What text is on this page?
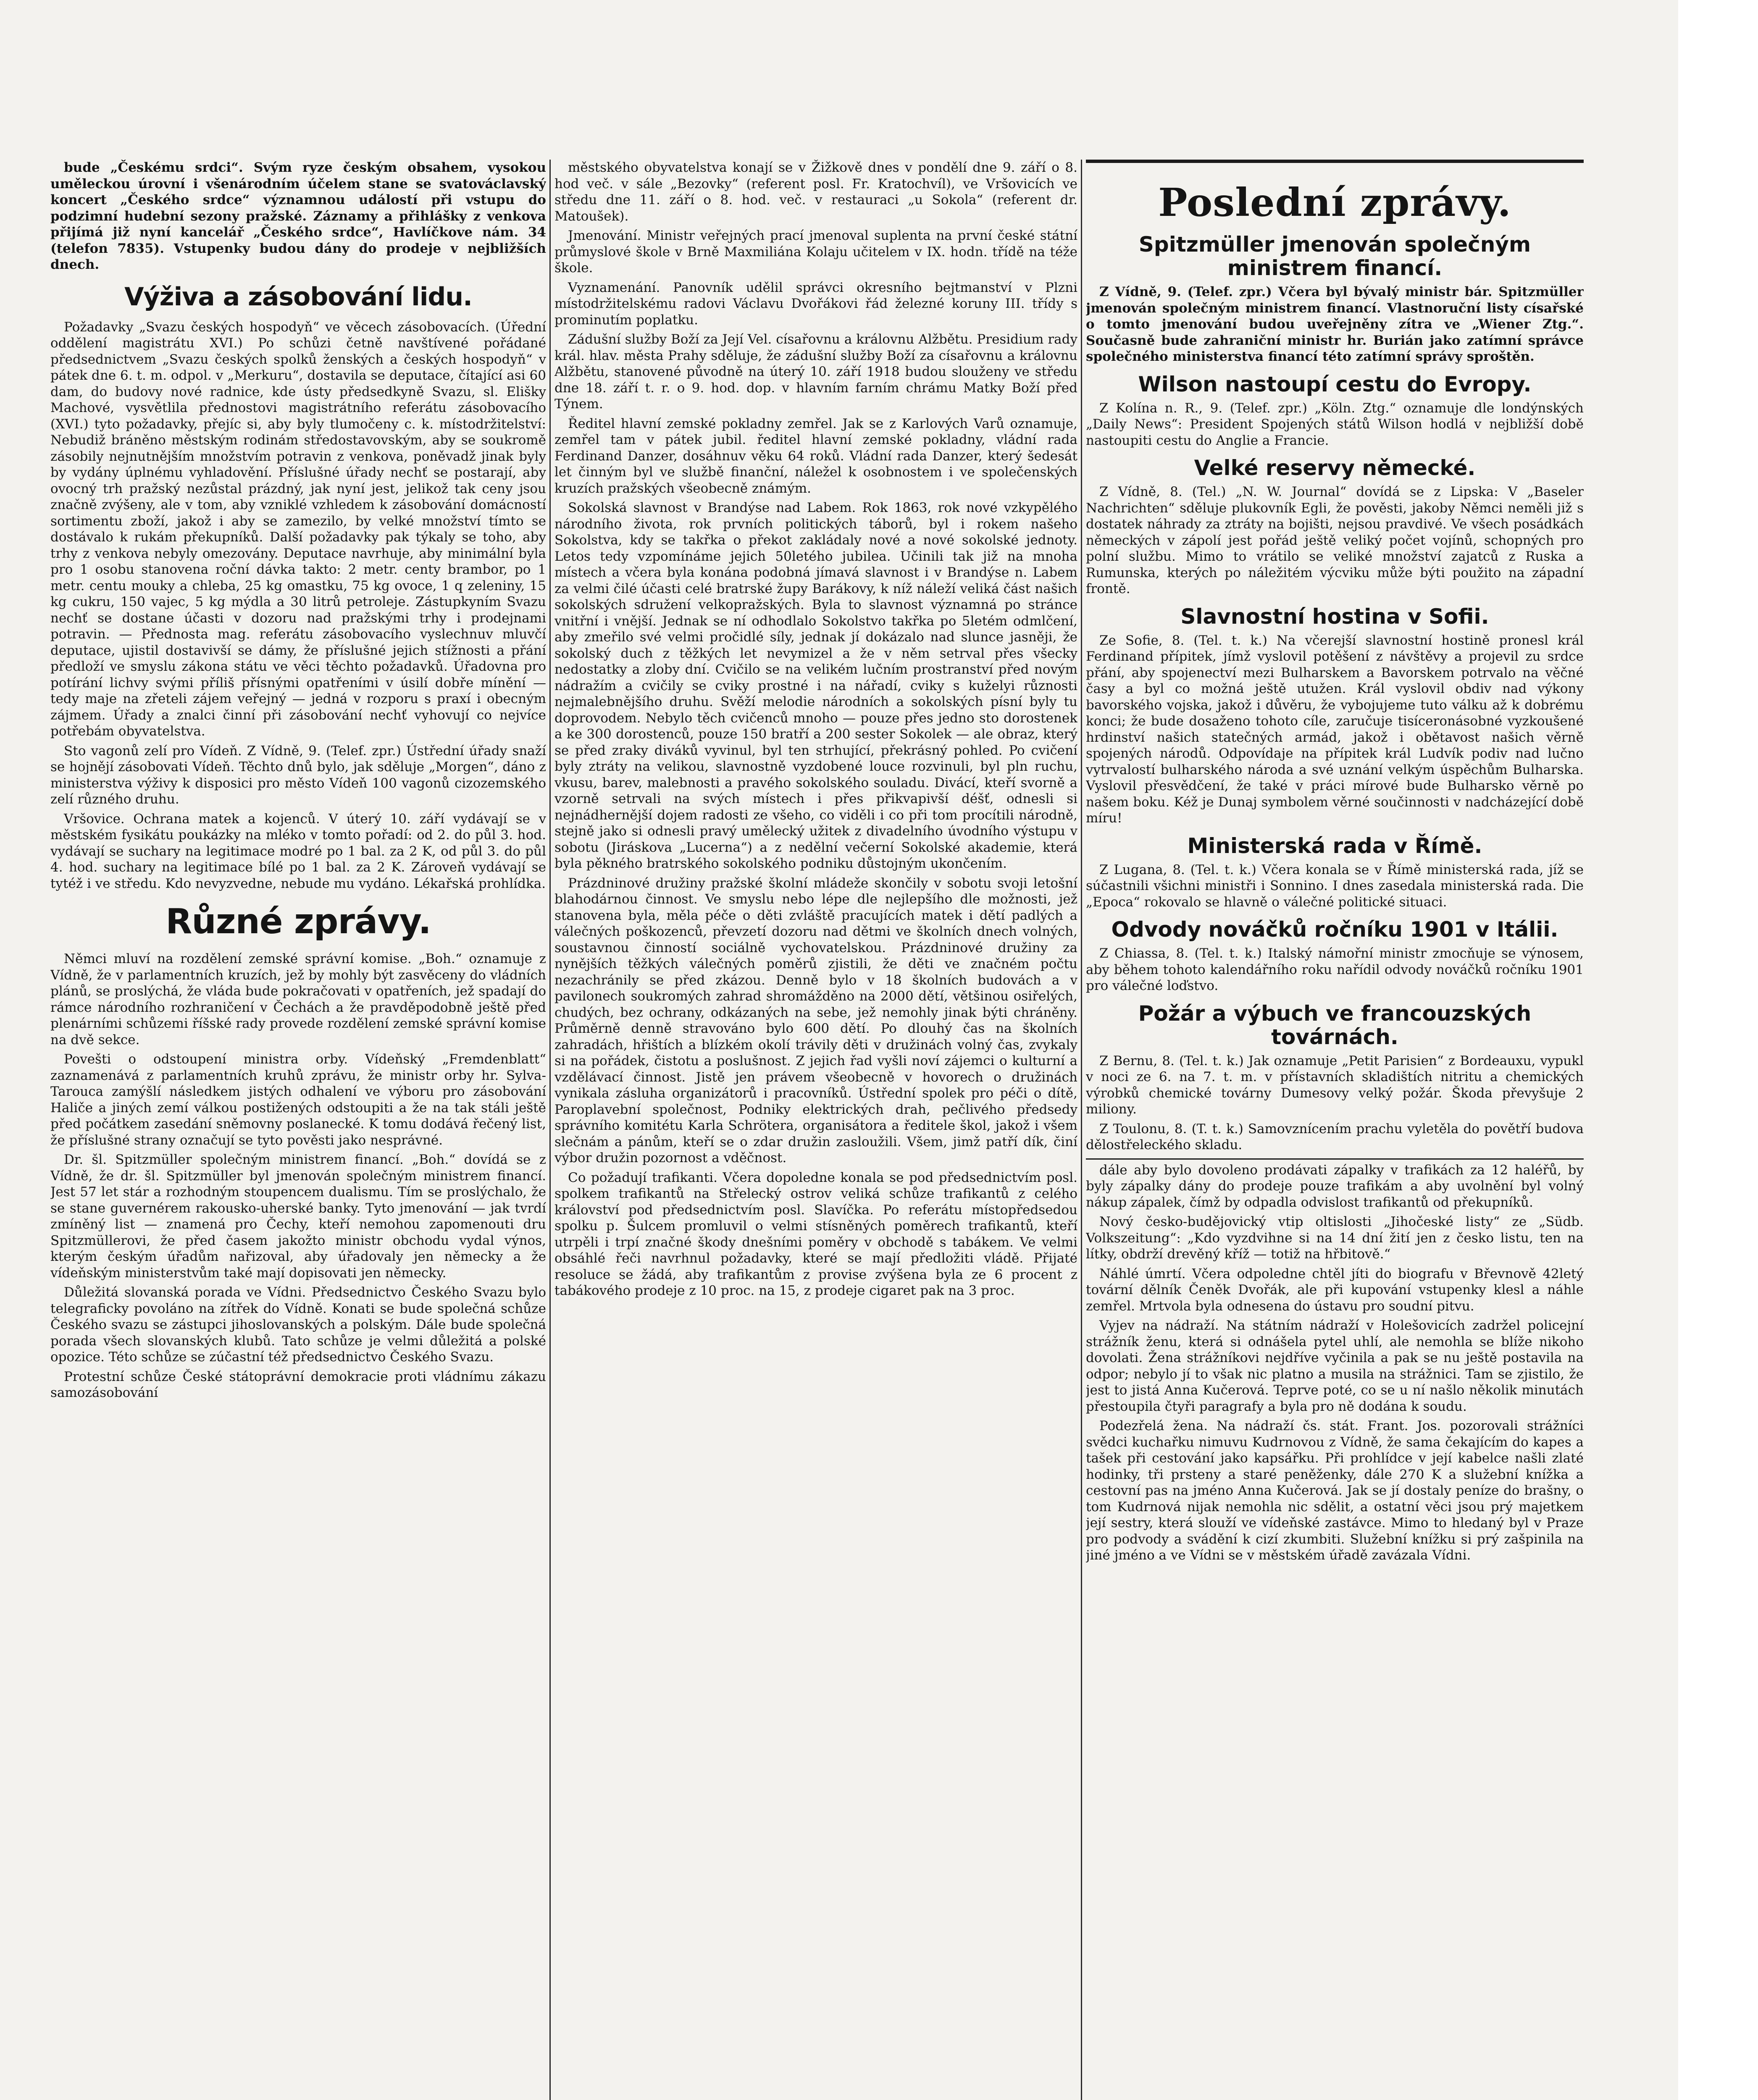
bude „Českému srdci“. Svým ryze českým obsahem, vysokou uměleckou úrovní i všenárodním účelem stane se svatováclavský koncert „Českého srdce“ významnou událostí při vstupu do podzimní hudební sezony pražské. Záznamy a přihlášky z venkova přijímá již nyní kancelář „Českého srdce“, Havlíčkove nám. 34 (telefon 7835). Vstupenky budou dány do prodeje v nejbližších dnech.

Výživa a zásobování lidu.

Požadavky „Svazu českých hospodyň“ ve věcech zásobovacích. (Úřední oddělení magistrátu XVI.) Po schůzi četně navštívené pořádané předsednictvem „Svazu českých spolků ženských a českých hospodyň“ v pátek dne 6. t. m. odpol. v „Merkuru“, dostavila se deputace, čítající asi 60 dam, do budovy nové radnice, kde ústy předsedkyně Svazu, sl. Elišky Machové, vysvětlila přednostovi magistrátního referátu zásobovacího (XVI.) tyto požadavky, přejíc si, aby byly tlumočeny c. k. místodržitelství: Nebudiž bráněno městským rodinám středostavovským, aby se soukromě zásobily nejnutnějším množstvím potravin z venkova, poněvadž jinak byly by vydány úplnému vyhladovění. Příslušné úřady nechť se postarají, aby ovocný trh pražský nezůstal prázdný, jak nyní jest, jelikož tak ceny jsou značně zvýšeny, ale v tom, aby vzniklé vzhledem k zásobování domácností sortimentu zboží, jakož i aby se zamezilo, by velké množství tímto se dostávalo k rukám překupníků. Další požadavky pak týkaly se toho, aby trhy z venkova nebyly omezovány. Deputace navrhuje, aby minimální byla pro 1 osobu stanovena roční dávka takto: 2 metr. centy brambor, po 1 metr. centu mouky a chleba, 25 kg omastku, 75 kg ovoce, 1 q zeleniny, 15 kg cukru, 150 vajec, 5 kg mýdla a 30 litrů petroleje. Zástupkyním Svazu nechť se dostane účasti v dozoru nad pražskými trhy i prodejnami potravin. — Přednosta mag. referátu zásobovacího vyslechnuv mluvčí deputace, ujistil dostavivší se dámy, že příslušné jejich stížnosti a přání předloží ve smyslu zákona státu ve věci těchto požadavků. Úřadovna pro potírání lichvy svými příliš přísnými opatřeními v úsilí dobře mínění — tedy maje na zřeteli zájem veřejný — jedná v rozporu s praxí i obecným zájmem. Úřady a znalci činní při zásobování nechť vyhovují co nejvíce potřebám obyvatelstva.

Sto vagonů zelí pro Vídeň. Z Vídně, 9. (Telef. zpr.) Ústřední úřady snaží se hojnějí zásobovati Vídeň. Těchto dnů bylo, jak sděluje „Morgen“, dáno z ministerstva výživy k disposici pro město Vídeň 100 vagonů cizozemského zelí různého druhu.

Vršovice. Ochrana matek a kojenců. V úterý 10. září vydávají se v městském fysikátu poukázky na mléko v tomto pořadí: od 2. do půl 3. hod. vydávají se suchary na legitimace modré po 1 bal. za 2 K, od půl 3. do půl 4. hod. suchary na legitimace bílé po 1 bal. za 2 K. Zároveň vydávají se tytéž i ve středu. Kdo nevyzvedne, nebude mu vydáno. Lékařská prohlídka.

Různé zprávy.

Němci mluví na rozdělení zemské správní komise. „Boh.“ oznamuje z Vídně, že v parlamentních kruzích, jež by mohly být zasvěceny do vládních plánů, se proslýchá, že vláda bude pokračovati v opatřeních, jež spadají do rámce národního rozhraničení v Čechách a že pravděpodobně ještě před plenárními schůzemi říšské rady provede rozdělení zemské správní komise na dvě sekce.

Povešti o odstoupení ministra orby. Vídeňský „Fremdenblatt“ zaznamenává z parlamentních kruhů zprávu, že ministr orby hr. Sylva-Tarouca zamýšlí následkem jistých odhalení ve výboru pro zásobování Haliče a jiných zemí válkou postižených odstoupiti a že na tak stáli ještě před počátkem zasedání sněmovny poslanecké. K tomu dodává řečený list, že příslušné strany označují se tyto pověsti jako nesprávné.

Dr. šl. Spitzmüller společným ministrem financí. „Boh.“ dovídá se z Vídně, že dr. šl. Spitzmüller byl jmenován společným ministrem financí. Jest 57 let stár a rozhodným stoupencem dualismu. Tím se proslýchalo, že se stane guvernérem rakousko-uherské banky. Tyto jmenování — jak tvrdí zmíněný list — znamená pro Čechy, kteří nemohou zapomenouti dru Spitzmüllerovi, že před časem jakožto ministr obchodu vydal výnos, kterým českým úřadům nařizoval, aby úřadovaly jen německy a že vídeňským ministerstvům také mají dopisovati jen německy.

Důležitá slovanská porada ve Vídni. Předsednictvo Českého Svazu bylo telegraficky povoláno na zítřek do Vídně. Konati se bude společná schůze Českého svazu se zástupci jihoslovanských a polským. Dále bude společná porada všech slovanských klubů. Tato schůze je velmi důležitá a polské opozice. Této schůze se zúčastní též předsednictvo Českého Svazu.

Protestní schůze České státoprávní demokracie proti vládnímu zákazu samozásobování

městského obyvatelstva konají se v Žižkově dnes v pondělí dne 9. září o 8. hod več. v sále „Bezovky“ (referent posl. Fr. Kratochvíl), ve Vršovicích ve středu dne 11. září o 8. hod. več. v restauraci „u Sokola“ (referent dr. Matoušek).

Jmenování. Ministr veřejných prací jmenoval suplenta na první české státní průmyslové škole v Brně Maxmiliána Kolaju učitelem v IX. hodn. třídě na téže škole.

Vyznamenání. Panovník udělil správci okresního bejtmanství v Plzni místodržitelskému radovi Václavu Dvořákovi řád železné koruny III. třídy s prominutím poplatku.

Zádušní služby Boží za Její Vel. císařovnu a královnu Alžbětu. Presidium rady král. hlav. města Prahy sděluje, že zádušní služby Boží za císařovnu a královnu Alžbětu, stanovené původně na úterý 10. září 1918 budou slouženy ve středu dne 18. září t. r. o 9. hod. dop. v hlavním farním chrámu Matky Boží před Týnem.

Ředitel hlavní zemské pokladny zemřel. Jak se z Karlových Varů oznamuje, zemřel tam v pátek jubil. ředitel hlavní zemské pokladny, vládní rada Ferdinand Danzer, dosáhnuv věku 64 roků. Vládní rada Danzer, který šedesát let činným byl ve službě finanční, náležel k osobnostem i ve společenských kruzích pražských všeobecně známým.

Sokolská slavnost v Brandýse nad Labem. Rok 1863, rok nové vzkypělého národního života, rok prvních politických táborů, byl i rokem našeho Sokolstva, kdy se takřka o překot zakládaly nové a nové sokolské jednoty. Letos tedy vzpomínáme jejich 50letého jubilea. Učinili tak již na mnoha místech a včera byla konána podobná jímavá slavnost i v Brandýse n. Labem za velmi čilé účasti celé bratrské župy Barákovy, k níž náleží veliká část našich sokolských sdružení velkopražských. Byla to slavnost významná po stránce vnitřní i vnější. Jednak se ní odhodlalo Sokolstvo takřka po 5letém odmlčení, aby zmeřilo své velmi pročidlé síly, jednak jí dokázalo nad slunce jasněji, že sokolský duch z těžkých let nevymizel a že v něm setrval přes všecky nedostatky a zloby dní. Cvičilo se na velikém lučním prostranství před novým nádražím a cvičily se cviky prostné i na nářadí, cviky s kuželyi různosti nejmalebnějšího druhu. Svěží melodie národních a sokolských písní byly tu doprovodem. Nebylo těch cvičenců mnoho — pouze přes jedno sto dorostenek a ke 300 dorostenců, pouze 150 bratří a 200 sester Sokolek — ale obraz, který se před zraky diváků vyvinul, byl ten strhující, překrásný pohled. Po cvičení byly ztráty na velikou, slavnostně vyzdobené louce rozvinuli, byl pln ruchu, vkusu, barev, malebnosti a pravého sokolského souladu. Divácí, kteří svorně a vzorně setrvali na svých místech i přes přikvapivší déšť, odnesli si nejnádhernější dojem radosti ze všeho, co viděli i co při tom procítili národně, stejně jako si odnesli pravý umělecký užitek z divadelního úvodního výstupu v sobotu (Jiráskova „Lucerna“) a z nedělní večerní Sokolské akademie, která byla pěkného bratrského sokolského podniku důstojným ukončením.

Prázdninové družiny pražské školní mládeže skončily v sobotu svoji letošní blahodárnou činnost. Ve smyslu nebo lépe dle nejlepšího dle možnosti, jež stanovena byla, měla péče o děti zvláště pracujících matek i dětí padlých a válečných poškozenců, převzetí dozoru nad dětmi ve školních dnech volných, soustavnou činností sociálně vychovatelskou. Prázdninové družiny za nynějších těžkých válečných poměrů zjistili, že děti ve značném počtu nezachránily se před zkázou. Denně bylo v 18 školních budovách a v pavilonech soukromých zahrad shromážděno na 2000 dětí, většinou osiřelých, chudých, bez ochrany, odkázaných na sebe, jež nemohly jinak býti chráněny. Průměrně denně stravováno bylo 600 dětí. Po dlouhý čas na školních zahradách, hřištích a blízkém okolí trávily děti v družinách volný čas, zvykaly si na pořádek, čistotu a poslušnost. Z jejich řad vyšli noví zájemci o kulturní a vzdělávací činnost. Jistě jen právem všeobecně v hovorech o družinách vynikala zásluha organizátorů i pracovníků. Ústřední spolek pro péči o dítě, Paroplavební společnost, Podniky elektrických drah, pečlivého předsedy správního komitétu Karla Schrötera, organisátora a ředitele škol, jakož i všem slečnám a pánům, kteří se o zdar družin zasloužili. Všem, jimž patří dík, činí výbor družin pozornost a vděčnost.

Co požadují trafikanti. Včera dopoledne konala se pod předsednictvím posl. spolkem trafikantů na Střelecký ostrov veliká schůze trafikantů z celého království pod předsednictvím posl. Slavíčka. Po referátu místopředsedou spolku p. Šulcem promluvil o velmi stísněných poměrech trafikantů, kteří utrpěli i trpí značné škody dnešními poměry v obchodě s tabákem. Ve velmi obsáhlé řeči navrhnul požadavky, které se mají předložiti vládě. Přijaté resoluce se žádá, aby trafikantům z provise zvýšena byla ze 6 procent z tabákového prodeje z 10 proc. na 15, z prodeje cigaret pak na 3 proc.

Poslední zprávy.
Spitzmüller jmenován společným ministrem financí.

Z Vídně, 9. (Telef. zpr.) Včera byl bývalý ministr bár. Spitzmüller jmenován společným ministrem financí. Vlastnoruční listy císařské o tomto jmenování budou uveřejněny zítra ve „Wiener Ztg.“. Současně bude zahraniční ministr hr. Burián jako zatímní správce společného ministerstva financí této zatímní správy sproštěn.

Wilson nastoupí cestu do Evropy.

Z Kolína n. R., 9. (Telef. zpr.) „Köln. Ztg.“ oznamuje dle londýnských „Daily News“: President Spojených států Wilson hodlá v nejbližší době nastoupiti cestu do Anglie a Francie.

Velké reservy německé.

Z Vídně, 8. (Tel.) „N. W. Journal“ dovídá se z Lipska: V „Baseler Nachrichten“ sděluje plukovník Egli, že pověsti, jakoby Němci neměli již s dostatek náhrady za ztráty na bojišti, nejsou pravdivé. Ve všech posádkách německých v zápolí jest pořád ještě veliký počet vojínů, schopných pro polní službu. Mimo to vrátilo se veliké množství zajatců z Ruska a Rumunska, kterých po náležitém výcviku může býti použito na západní frontě.

Slavnostní hostina v Sofii.

Ze Sofie, 8. (Tel. t. k.) Na včerejší slavnostní hostině pronesl král Ferdinand přípitek, jímž vyslovil potěšení z návštěvy a projevil zu srdce přání, aby spojenectví mezi Bulharskem a Bavorskem potrvalo na věčné časy a byl co možná ještě utužen. Král vyslovil obdiv nad výkony bavorského vojska, jakož i důvěru, že vybojujeme tuto válku až k dobrému konci; že bude dosaženo tohoto cíle, zaručuje tisíceronásobné vyzkoušené hrdinství našich statečných armád, jakož i obětavost našich věrně spojených národů. Odpovídaje na přípitek král Ludvík podiv nad lučno vytrvalostí bulharského národa a své uznání velkým úspěchům Bulharska. Vyslovil přesvědčení, že také v práci mírové bude Bulharsko věrně po našem boku. Kéž je Dunaj symbolem věrné součinnosti v nadcházející době míru!

Ministerská rada v Římě.

Z Lugana, 8. (Tel. t. k.) Včera konala se v Římě ministerská rada, jíž se súčastnili všichni ministři i Sonnino. I dnes zasedala ministerská rada. Die „Epoca“ rokovalo se hlavně o válečné politické situaci.

Odvody nováčků ročníku 1901 v Itálii.

Z Chiassa, 8. (Tel. t. k.) Italský námořní ministr zmocňuje se výnosem, aby během tohoto kalendářního roku nařídil odvody nováčků ročníku 1901 pro válečné loďstvo.

Požár a výbuch ve francouzských továrnách.

Z Bernu, 8. (Tel. t. k.) Jak oznamuje „Petit Parisien“ z Bordeauxu, vypukl v noci ze 6. na 7. t. m. v přístavních skladištích nitritu a chemických výrobků chemické továrny Dumesovy velký požár. Škoda převyšuje 2 miliony.

Z Toulonu, 8. (T. t. k.) Samovznícením prachu vyletěla do povětří budova dělostřeleckého skladu.

dále aby bylo dovoleno prodávati zápalky v trafikách za 12 haléřů, by byly zápalky dány do prodeje pouze trafikám a aby uvolnění byl volný nákup zápalek, čímž by odpadla odvislost trafikantů od překupníků.

Nový česko-budějovický vtip oltislosti „Jihočeské listy“ ze „Südb. Volkszeitung“: „Kdo vyzdvihne si na 14 dní žití jen z česko listu, ten na lítky, obdrží drevěný kříž — totiž na hřbitově.“

Náhlé úmrtí. Včera odpoledne chtěl jíti do biografu v Břevnově 42letý tovární dělník Čeněk Dvořák, ale při kupování vstupenky klesl a náhle zemřel. Mrtvola byla odnesena do ústavu pro soudní pitvu.

Vyjev na nádraží. Na státním nádraží v Holešovicích zadržel policejní strážník ženu, která si odnášela pytel uhlí, ale nemohla se blíže nikoho dovolati. Žena strážníkovi nejdříve vyčinila a pak se nu ještě postavila na odpor; nebylo jí to však nic platno a musila na strážnici. Tam se zjistilo, že jest to jistá Anna Kučerová. Teprve poté, co se u ní našlo několik minutách přestoupila čtyři paragrafy a byla pro ně dodána k soudu.

Podezřelá žena. Na nádraží čs. stát. Frant. Jos. pozorovali strážníci svědci kuchařku nimuvu Kudrnovou z Vídně, že sama čekajícím do kapes a tašek při cestování jako kapsářku. Při prohlídce v její kabelce našli zlaté hodinky, tři prsteny a staré peněženky, dále 270 K a služební knížka a cestovní pas na jméno Anna Kučerová. Jak se jí dostaly peníze do brašny, o tom Kudrnová nijak nemohla nic sdělit, a ostatní věci jsou prý majetkem její sestry, která slouží ve vídeňské zastávce. Mimo to hledaný byl v Praze pro podvody a svádění k cizí zkumbiti. Služební knížku si prý zašpinila na jiné jméno a ve Vídni se v městském úřadě zavázala Vídni.
